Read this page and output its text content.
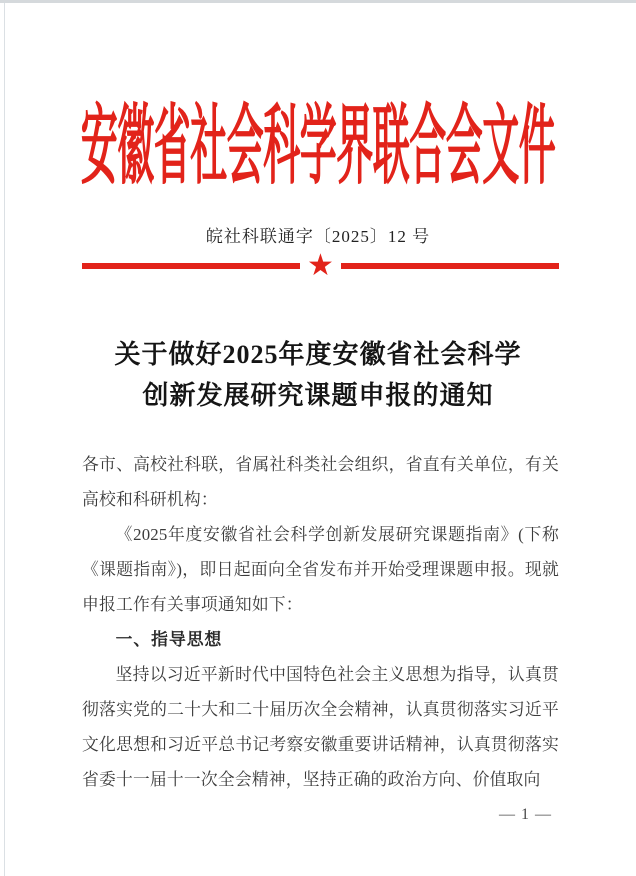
安徽省社会科学界联合会文件
皖社科联通字〔2025〕12 号
★
关于做好2025年度安徽省社会科学
创新发展研究课题申报的通知

各市、高校社科联，省属社科类社会组织，省直有关单位，有关高校和科研机构：

《2025年度安徽省社会科学创新发展研究课题指南》(下称《课题指南》)，即日起面向全省发布并开始受理课题申报。现就申报工作有关事项通知如下：

一、指导思想

坚持以习近平新时代中国特色社会主义思想为指导，认真贯彻落实党的二十大和二十届历次全会精神，认真贯彻落实习近平文化思想和习近平总书记考察安徽重要讲话精神，认真贯彻落实省委十一届十一次全会精神，坚持正确的政治方向、价值取向

— 1 —
